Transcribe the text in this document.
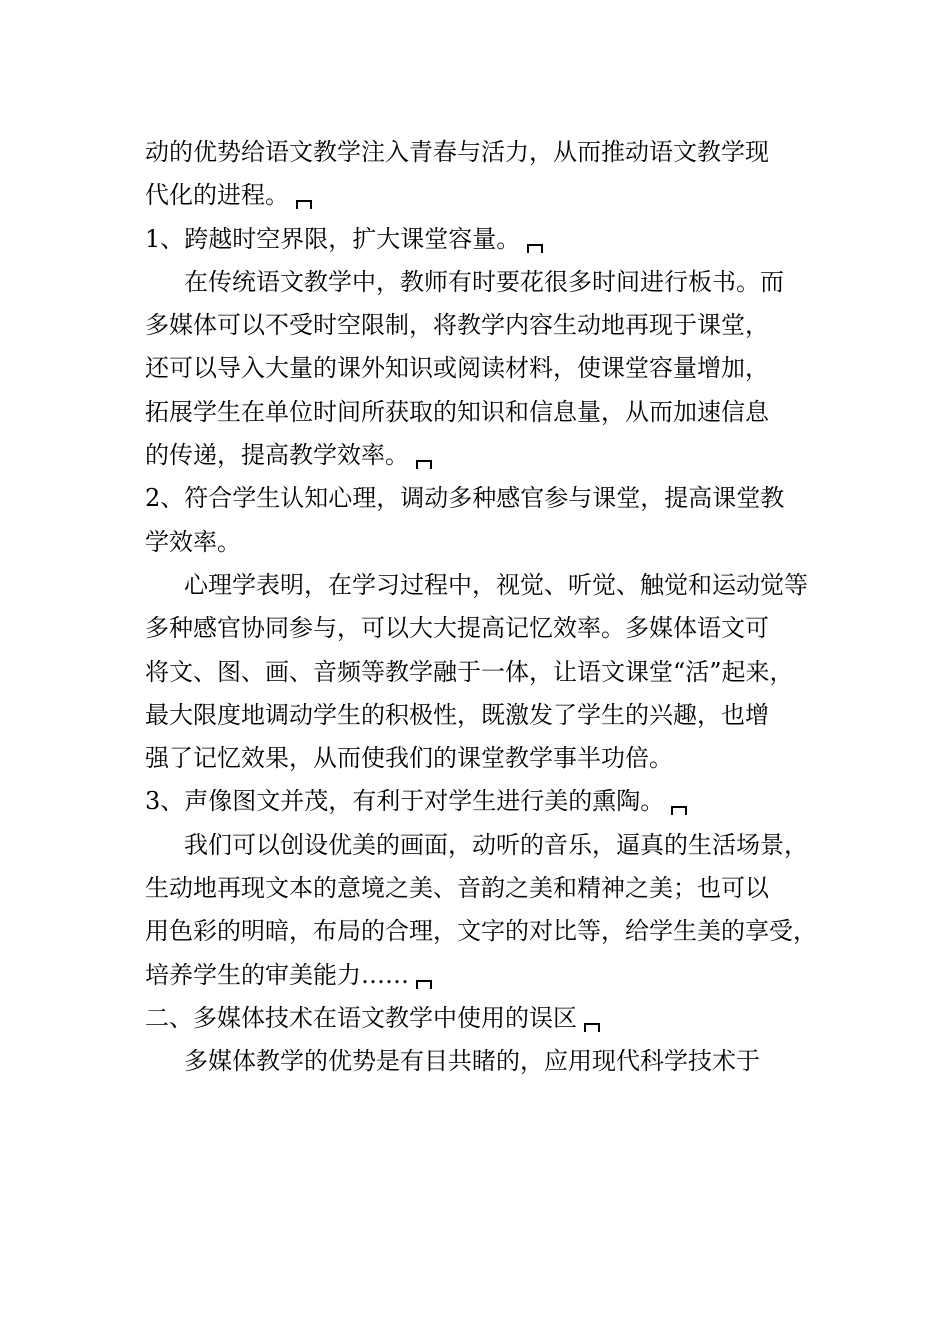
动的优势给语文教学注入青春与活力，从而推动语文教学现
代化的进程。
1、跨越时空界限，扩大课堂容量。
在传统语文教学中，教师有时要花很多时间进行板书。而
多媒体可以不受时空限制，将教学内容生动地再现于课堂，
还可以导入大量的课外知识或阅读材料，使课堂容量增加，
拓展学生在单位时间所获取的知识和信息量，从而加速信息
的传递，提高教学效率。
2、符合学生认知心理，调动多种感官参与课堂，提高课堂教
学效率。
心理学表明，在学习过程中，视觉、听觉、触觉和运动觉等
多种感官协同参与，可以大大提高记忆效率。多媒体语文可
将文、图、画、音频等教学融于一体，让语文课堂“活”起来，
最大限度地调动学生的积极性，既激发了学生的兴趣，也增
强了记忆效果，从而使我们的课堂教学事半功倍。
3、声像图文并茂，有利于对学生进行美的熏陶。
我们可以创设优美的画面，动听的音乐，逼真的生活场景，
生动地再现文本的意境之美、音韵之美和精神之美；也可以
用色彩的明暗，布局的合理，文字的对比等，给学生美的享受，
培养学生的审美能力……
二、多媒体技术在语文教学中使用的误区
多媒体教学的优势是有目共睹的，应用现代科学技术于
